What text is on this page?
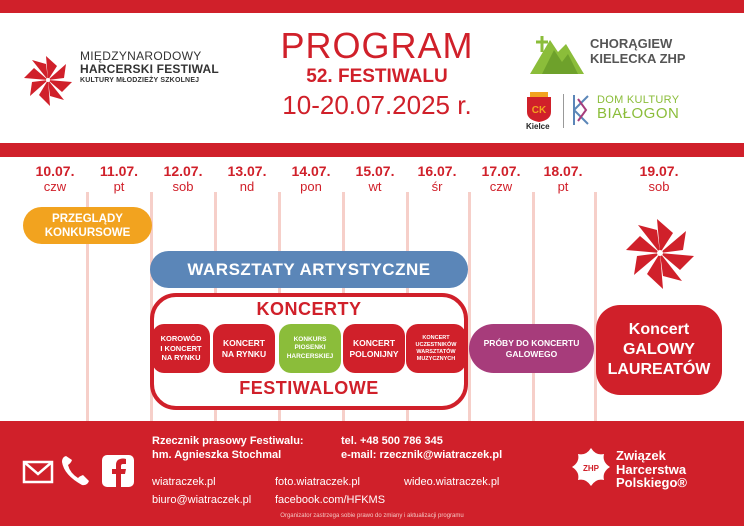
MIĘDZYNARODOWY
HARCERSKI FESTIWAL
KULTURY MŁODZIEŻY SZKOLNEJ
PROGRAM
52. FESTIWALU
10-20.07.2025 r.
CHORĄGIEW
KIELECKA ZHP
CK
Kielce
DOM KULTURY
BIAŁOGON
10.07.
czw
11.07.
pt
12.07.
sob
13.07.
nd
14.07.
pon
15.07.
wt
16.07.
śr
17.07.
czw
18.07.
pt
19.07.
sob
PRZEGLĄDY
KONKURSOWE
WARSZTATY ARTYSTYCZNE
KONCERTY
KOROWÓD
I KONCERT
NA RYNKU
KONCERT
NA RYNKU
KONKURS
PIOSENKI
HARCERSKIEJ
KONCERT
POLONIJNY
KONCERT
UCZESTNIKÓW
WARSZTATÓW
MUZYCZNYCH
FESTIWALOWE
PRÓBY DO KONCERTU
GALOWEGO
Koncert
GALOWY
LAUREATÓW
Rzecznik prasowy Festiwalu:
hm. Agnieszka Stochmal
tel. +48 500 786 345
e-mail: rzecznik@wiatraczek.pl
wiatraczek.pl	foto.wiatraczek.pl	wideo.wiatraczek.pl
biuro@wiatraczek.pl facebook.com/HFKMS
ZHP
Związek
Harcerstwa
Polskiego®
Organizator zastrzega sobie prawo do zmiany i aktualizacji programu
